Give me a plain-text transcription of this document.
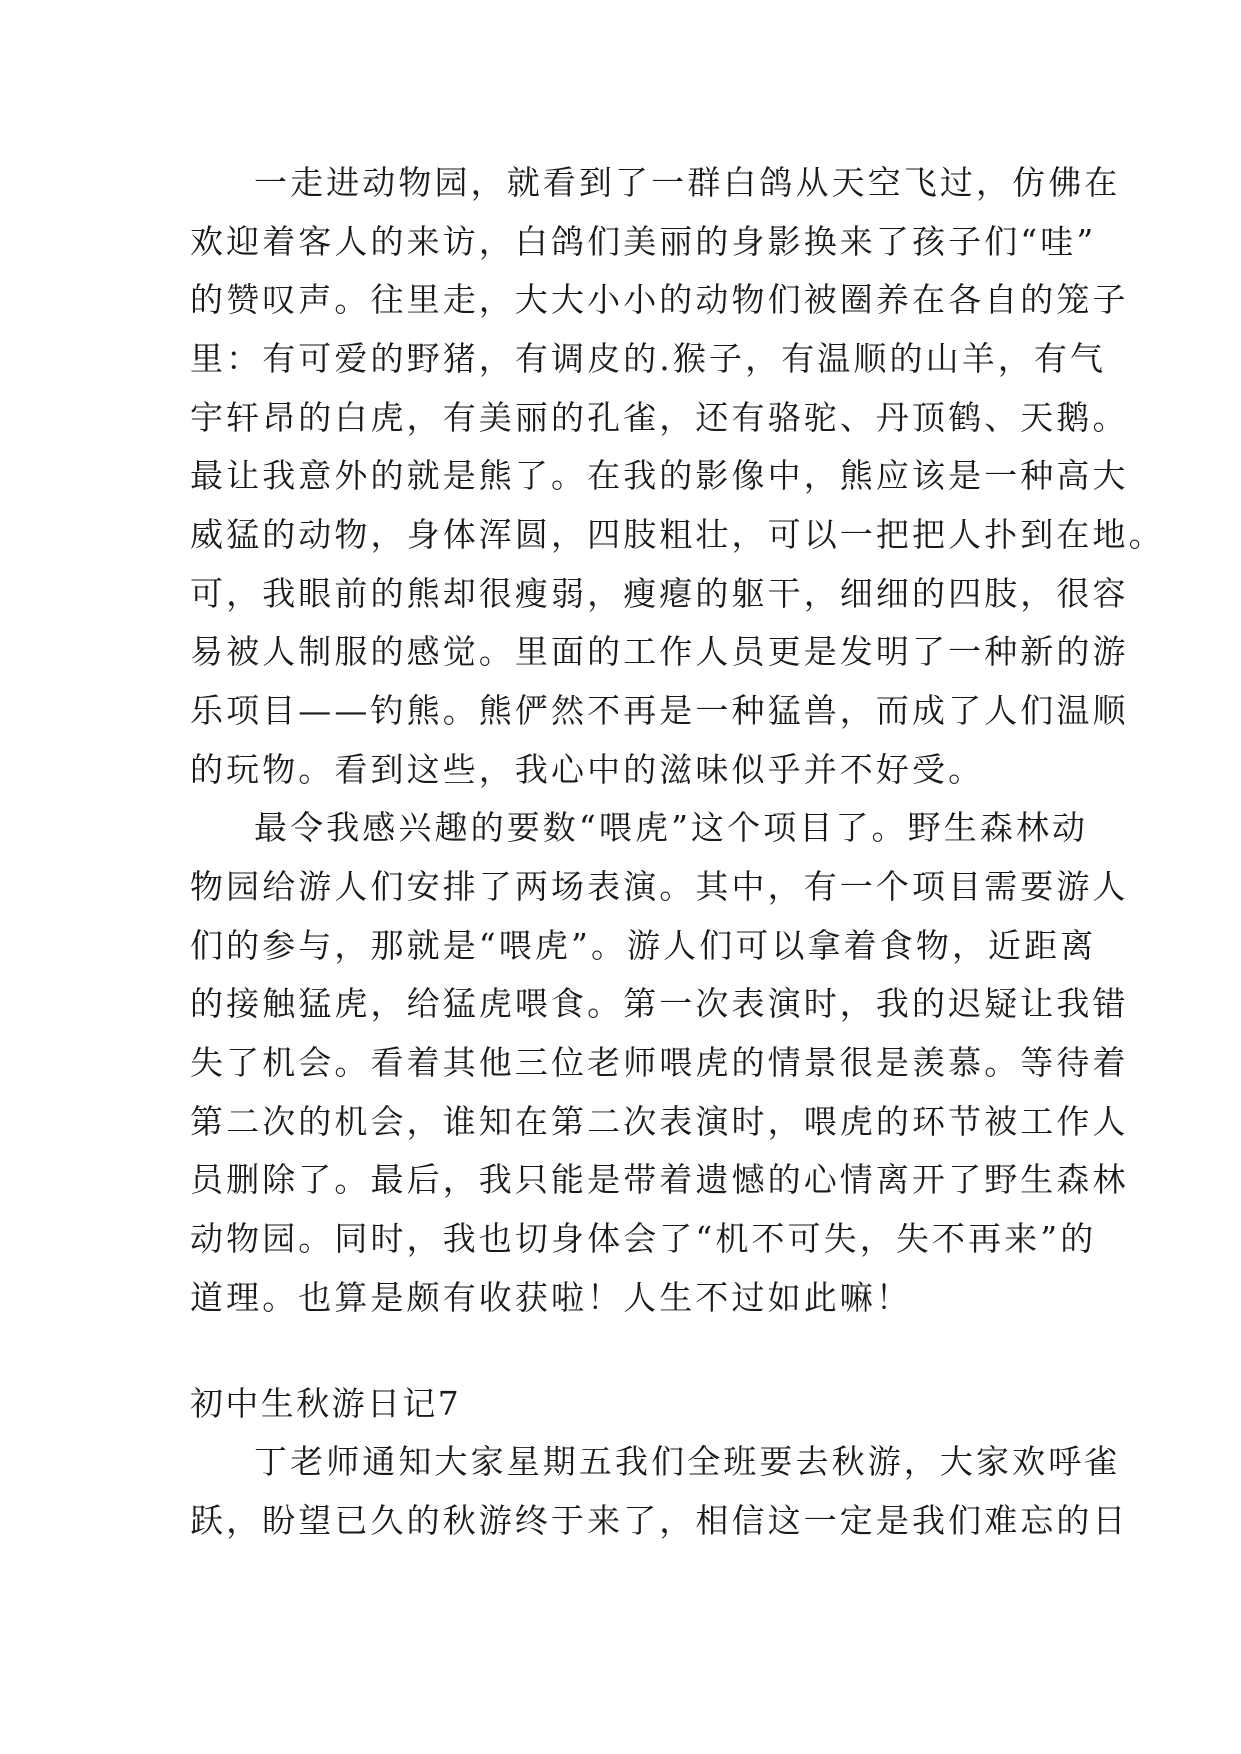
一走进动物园，就看到了一群白鸽从天空飞过，仿佛在

欢迎着客人的来访，白鸽们美丽的身影换来了孩子们“哇”

的赞叹声。往里走，大大小小的动物们被圈养在各自的笼子

里：有可爱的野猪，有调皮的.猴子，有温顺的山羊，有气

宇轩昂的白虎，有美丽的孔雀，还有骆驼、丹顶鹤、天鹅。

最让我意外的就是熊了。在我的影像中，熊应该是一种高大

威猛的动物，身体浑圆，四肢粗壮，可以一把把人扑到在地。

可，我眼前的熊却很瘦弱，瘦瘪的躯干，细细的四肢，很容

易被人制服的感觉。里面的工作人员更是发明了一种新的游

乐项目——钓熊。熊俨然不再是一种猛兽，而成了人们温顺

的玩物。看到这些，我心中的滋味似乎并不好受。

最令我感兴趣的要数“喂虎”这个项目了。野生森林动

物园给游人们安排了两场表演。其中，有一个项目需要游人

们的参与，那就是“喂虎”。游人们可以拿着食物，近距离

的接触猛虎，给猛虎喂食。第一次表演时，我的迟疑让我错

失了机会。看着其他三位老师喂虎的情景很是羡慕。等待着

第二次的机会，谁知在第二次表演时，喂虎的环节被工作人

员删除了。最后，我只能是带着遗憾的心情离开了野生森林

动物园。同时，我也切身体会了“机不可失，失不再来”的

道理。也算是颇有收获啦！人生不过如此嘛！

初中生秋游日记7

丁老师通知大家星期五我们全班要去秋游，大家欢呼雀

跃，盼望已久的秋游终于来了，相信这一定是我们难忘的日
